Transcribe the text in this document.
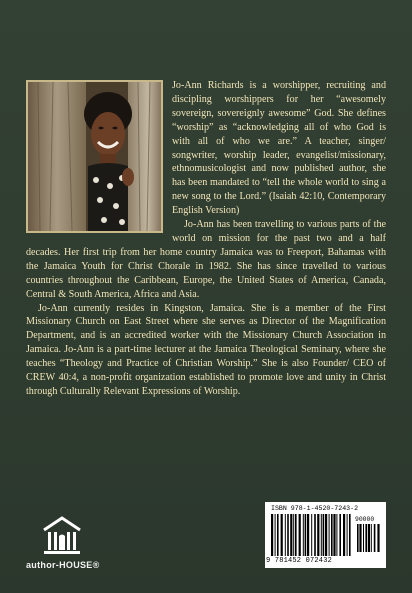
Jo-Ann Richards is a worshipper, recruiting and discipling worshippers for her “awesomely sovereign, sovereignly awesome” God. She defines “worship” as “acknowledging all of who God is with all of who we are.” A teacher, singer/ songwriter, worship leader, evangelist/missionary, ethnomusicologist and now published author, she has been mandated to “tell the whole world to sing a new song to the Lord.” (Isaiah 42:10, Contemporary English Version)

Jo-Ann has been travelling to various parts of the world on mission for the past two and a half decades. Her first trip from her home country Jamaica was to Freeport, Bahamas with the Jamaica Youth for Christ Chorale in 1982. She has since travelled to various countries throughout the Caribbean, Europe, the United States of America, Canada, Central & South America, Africa and Asia.

Jo-Ann currently resides in Kingston, Jamaica. She is a member of the First Missionary Church on East Street where she serves as Director of the Magnification Department, and is an accredited worker with the Missionary Church Association in Jamaica. Jo-Ann is a part-time lecturer at the Jamaica Theological Seminary, where she teaches “Theology and Practice of Christian Worship.” She is also Founder/ CEO of CREW 40:4, a non-profit organization established to promote love and unity in Christ through Culturally Relevant Expressions of Worship.

author-HOUSE®
ISBN 978-1-4520-7243-2
90000
9 781452 072432
